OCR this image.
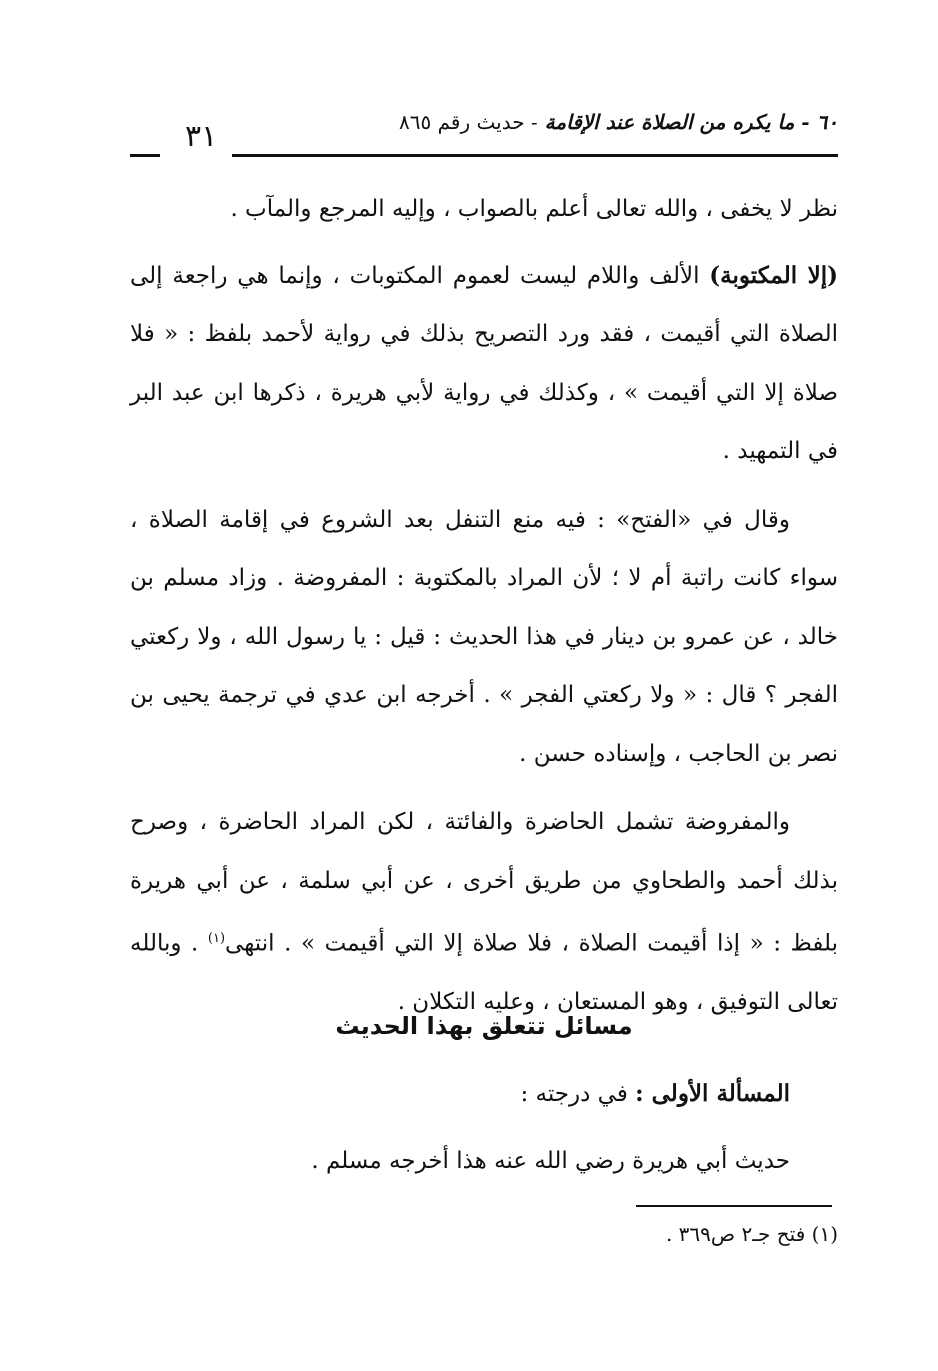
٣١	٦٠ - ما يكره من الصلاة عند الإقامة - حديث رقم ٨٦٥

نظر لا يخفى ، والله تعالى أعلم بالصواب ، وإليه المرجع والمآب .

(إلا المكتوبة) الألف واللام ليست لعموم المكتوبات ، وإنما هي راجعة إلى الصلاة التي أقيمت ، فقد ورد التصريح بذلك في رواية لأحمد بلفظ : « فلا صلاة إلا التي أقيمت » ، وكذلك في رواية لأبي هريرة ، ذكرها ابن عبد البر في التمهيد .

وقال في «الفتح» : فيه منع التنفل بعد الشروع في إقامة الصلاة ، سواء كانت راتبة أم لا ؛ لأن المراد بالمكتوبة : المفروضة . وزاد مسلم بن خالد ، عن عمرو بن دينار في هذا الحديث : قيل : يا رسول الله ، ولا ركعتي الفجر ؟ قال : « ولا ركعتي الفجر » . أخرجه ابن عدي في ترجمة يحيى بن نصر بن الحاجب ، وإسناده حسن .

والمفروضة تشمل الحاضرة والفائتة ، لكن المراد الحاضرة ، وصرح بذلك أحمد والطحاوي من طريق أخرى ، عن أبي سلمة ، عن أبي هريرة بلفظ : « إذا أقيمت الصلاة ، فلا صلاة إلا التي أقيمت » . انتهى$^{(١)}$ . وبالله تعالى التوفيق ، وهو المستعان ، وعليه التكلان .

مسائل تتعلق بهذا الحديث

المسألة الأولى : في درجته :

حديث أبي هريرة رضي الله عنه هذا أخرجه مسلم .

(١) فتح جـ٢ ص٣٦٩ .
